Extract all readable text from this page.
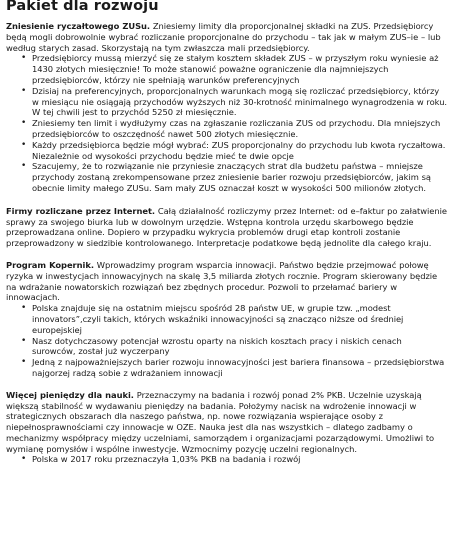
Pakiet dla rozwoju

Zniesienie ryczałtowego ZUSu. Zniesiemy limity dla proporcjonalnej składki na ZUS. Przedsiębiorcy będą mogli dobrowolnie wybrać rozliczanie proporcjonalne do przychodu – tak jak w małym ZUS–ie – lub według starych zasad. Skorzystają na tym zwłaszcza mali przedsiębiorcy.

• Przedsiębiorcy mussą mierzyć się ze stałym kosztem składek ZUS – w przyszłym roku wyniesie aż 1430 złotych miesięcznie! To może stanowić poważne ograniczenie dla najmniejszych przedsiębiorców, którzy nie spełniają warunków preferencyjnych
• Dzisiaj na preferencyjnych, proporcjonalnych warunkach mogą się rozliczać przedsiębiorcy, którzy w miesiącu nie osiągają przychodów wyższych niż 30-krotność minimalnego wynagrodzenia w roku. W tej chwili jest to przychód 5250 zł miesięcznie.
• Zniesiemy ten limit i wydłużymy czas na zgłaszanie rozliczania ZUS od przychodu. Dla mniejszych przedsiębiorców to oszczędność nawet 500 złotych miesięcznie.
• Każdy przedsiębiorca będzie mógł wybrać: ZUS proporcjonalny do przychodu lub kwota ryczałtowa. Niezależnie od wysokości przychodu będzie mieć te dwie opcje
• Szacujemy, że to rozwiązanie nie przyniesie znaczących strat dla budżetu państwa – mniejsze przychody zostaną zrekompensowane przez zniesienie barier rozwoju przedsiębiorców, jakim są obecnie limity małego ZUSu. Sam mały ZUS oznaczał koszt w wysokości 500 milionów złotych.

Firmy rozliczane przez Internet. Całą działalność rozliczymy przez Internet: od e–faktur po załatwienie sprawy za swojego biurka lub w dowolnym urzędzie. Wstępna kontrola urzędu skarbowego będzie przeprowadzana online. Dopiero w przypadku wykrycia problemów drugi etap kontroli zostanie przeprowadzony w siedzibie kontrolowanego. Interpretacje podatkowe będą jednolite dla całego kraju.

Program Kopernik. Wprowadzimy program wsparcia innowacji. Państwo będzie przejmować połowę ryzyka w inwestycjach innowacyjnych na skalę 3,5 miliarda złotych rocznie. Program skierowany będzie na wdrażanie nowatorskich rozwiązań bez zbędnych procedur. Pozwoli to przełamać bariery w innowacjach.

• Polska znajduje się na ostatnim miejscu spośród 28 państw UE, w grupie tzw. „modest innovators”,czyli takich, których wskaźniki innowacyjności są znacząco niższe od średniej europejskiej
• Nasz dotychczasowy potencjał wzrostu oparty na niskich kosztach pracy i niskich cenach surowców, został już wyczerpany
• Jedną z najpoważniejszych barier rozwoju innowacyjności jest bariera finansowa – przedsiębiorstwa najgorzej radzą sobie z wdrażaniem innowacji

Więcej pieniędzy dla nauki. Przeznaczymy na badania i rozwój ponad 2% PKB. Uczelnie uzyskają większą stabilność w wydawaniu pieniędzy na badania. Położymy nacisk na wdrożenie innowacji w strategicznych obszarach dla naszego państwa, np. nowe rozwiązania wspierające osoby z niepełnosprawnościami czy innowacje w OZE. Nauka jest dla nas wszystkich – dlatego zadbamy o mechanizmy współpracy między uczelniami, samorządem i organizacjami pozarządowymi. Umożliwi to wymianę pomysłów i wspólne inwestycje. Wzmocnimy pozycję uczelni regionalnych.

• Polska w 2017 roku przeznaczyła 1,03% PKB na badania i rozwój
